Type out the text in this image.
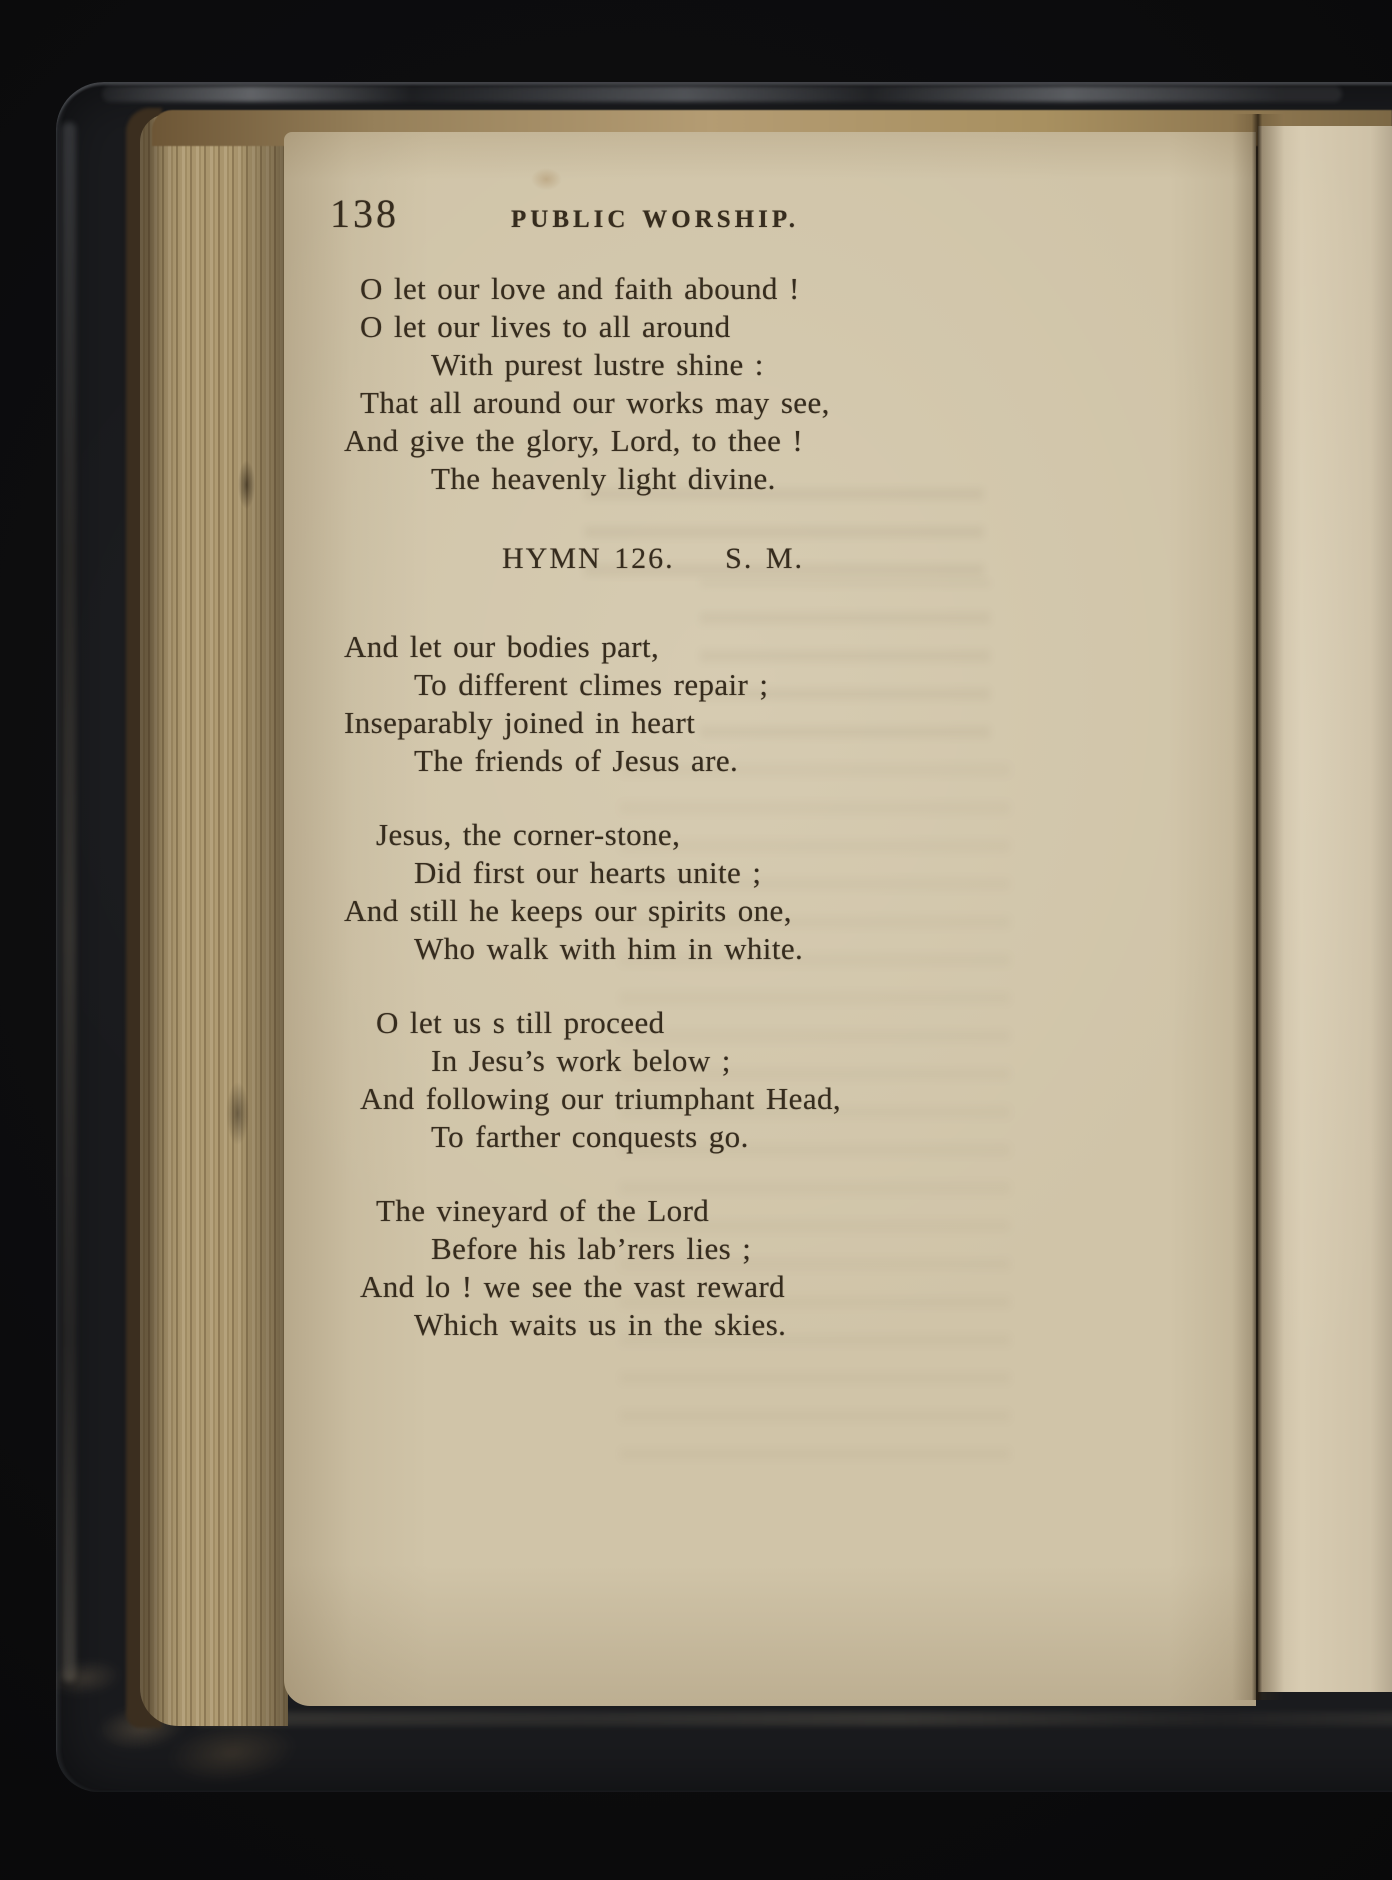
138	PUBLIC WORSHIP.
O let our love and faith abound !
O let our lives to all around
With purest lustre shine :
That all around our works may see,
And give the glory, Lord, to thee !
The heavenly light divine.
HYMN 126. S. M.
And let our bodies part,
To different climes repair ;
Inseparably joined in heart
The friends of Jesus are.
Jesus, the corner-stone,
Did first our hearts unite ;
And still he keeps our spirits one,
Who walk with him in white.
O let us s till proceed
In Jesu’s work below ;
And following our triumphant Head,
To farther conquests go.
The vineyard of the Lord
Before his lab’rers lies ;
And lo ! we see the vast reward
Which waits us in the skies.
